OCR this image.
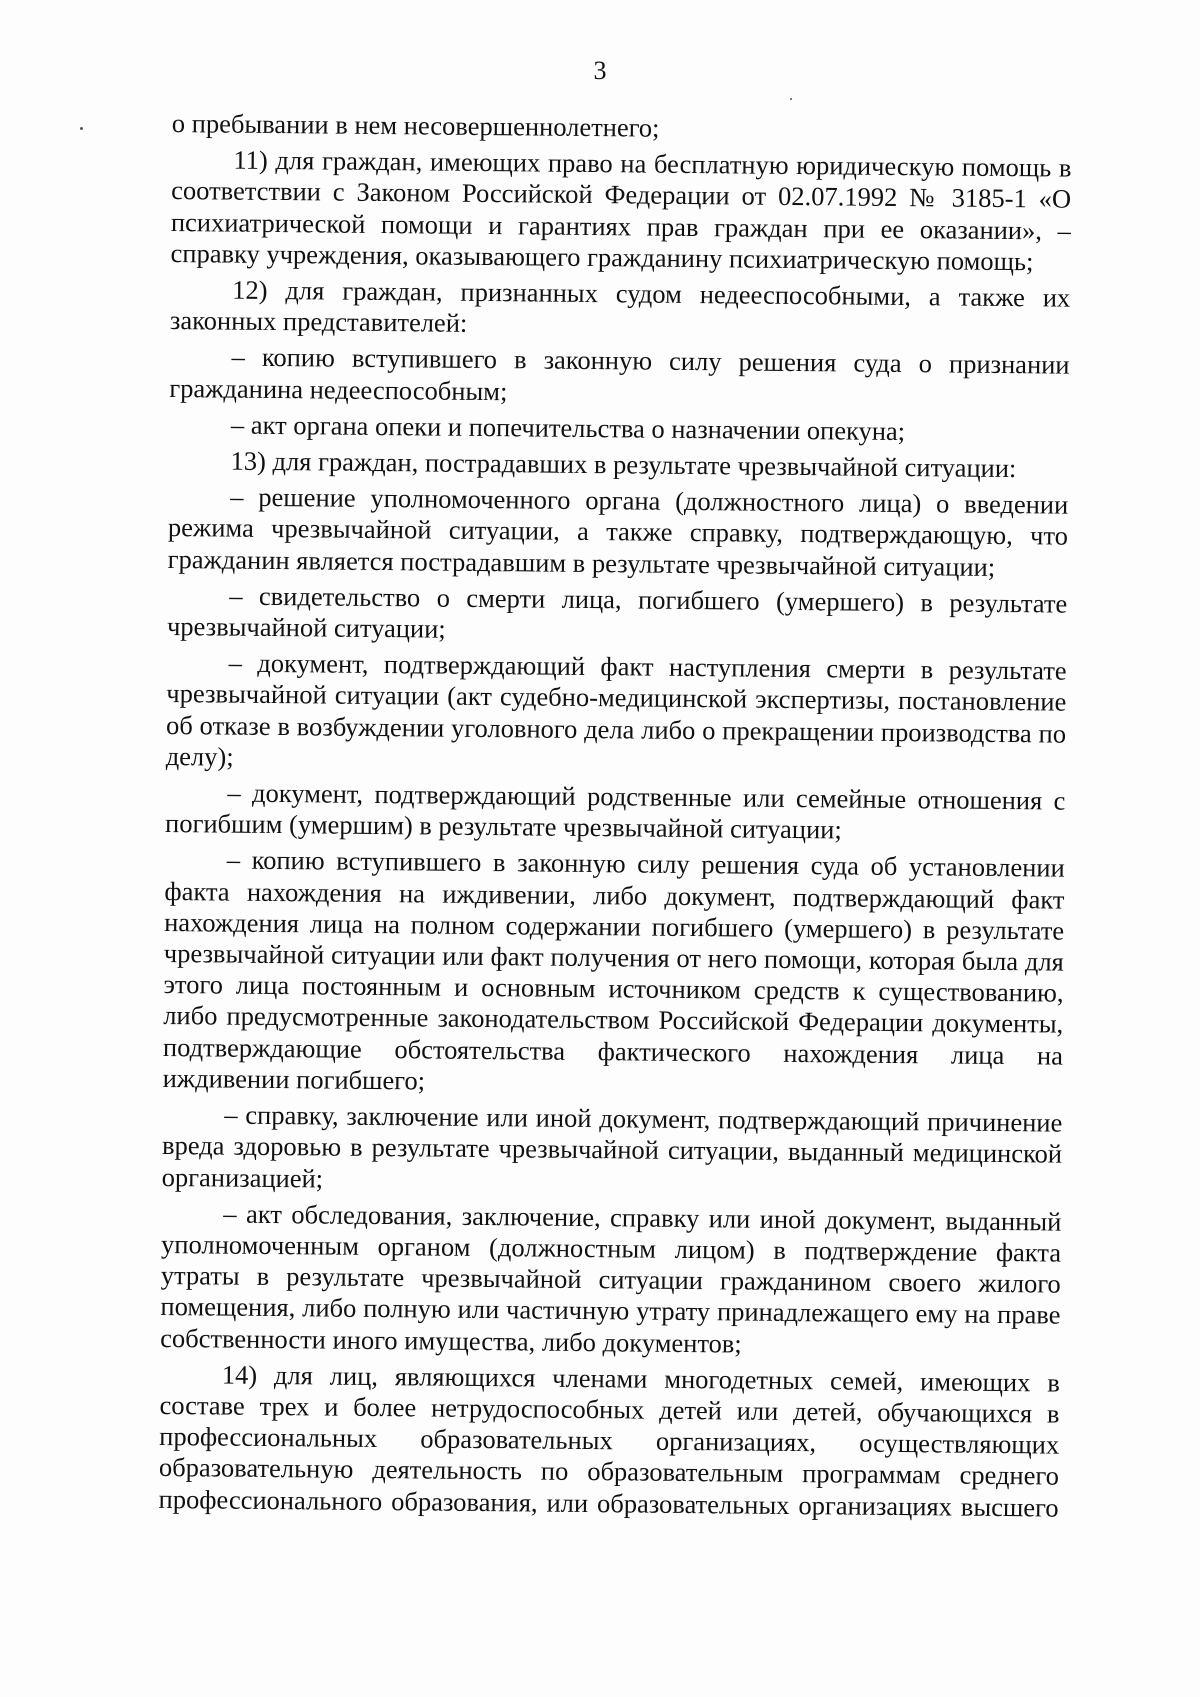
3

о пребывании в нем несовершеннолетнего;

11) для граждан, имеющих право на бесплатную юридическую помощь в соответствии с Законом Российской Федерации от 02.07.1992 № 3185-1 «О психиатрической помощи и гарантиях прав граждан при ее оказании», – справку учреждения, оказывающего гражданину психиатрическую помощь;

12) для граждан, признанных судом недееспособными, а также их законных представителей:

– копию вступившего в законную силу решения суда о признании гражданина недееспособным;

– акт органа опеки и попечительства о назначении опекуна;

13) для граждан, пострадавших в результате чрезвычайной ситуации:

– решение уполномоченного органа (должностного лица) о введении режима чрезвычайной ситуации, а также справку, подтверждающую, что гражданин является пострадавшим в результате чрезвычайной ситуации;

– свидетельство о смерти лица, погибшего (умершего) в результате чрезвычайной ситуации;

– документ, подтверждающий факт наступления смерти в результате чрезвычайной ситуации (акт судебно-медицинской экспертизы, постановление об отказе в возбуждении уголовного дела либо о прекращении производства по делу);

– документ, подтверждающий родственные или семейные отношения с погибшим (умершим) в результате чрезвычайной ситуации;

– копию вступившего в законную силу решения суда об установлении факта нахождения на иждивении, либо документ, подтверждающий факт нахождения лица на полном содержании погибшего (умершего) в результате чрезвычайной ситуации или факт получения от него помощи, которая была для этого лица постоянным и основным источником средств к существованию, либо предусмотренные законодательством Российской Федерации документы, подтверждающие обстоятельства фактического нахождения лица на иждивении погибшего;

– справку, заключение или иной документ, подтверждающий причинение вреда здоровью в результате чрезвычайной ситуации, выданный медицинской организацией;

– акт обследования, заключение, справку или иной документ, выданный уполномоченным органом (должностным лицом) в подтверждение факта утраты в результате чрезвычайной ситуации гражданином своего жилого помещения, либо полную или частичную утрату принадлежащего ему на праве собственности иного имущества, либо документов;

14) для лиц, являющихся членами многодетных семей, имеющих в составе трех и более нетрудоспособных детей или детей, обучающихся в профессиональных образовательных организациях, осуществляющих образовательную деятельность по образовательным программам среднего профессионального образования, или образовательных организациях высшего
